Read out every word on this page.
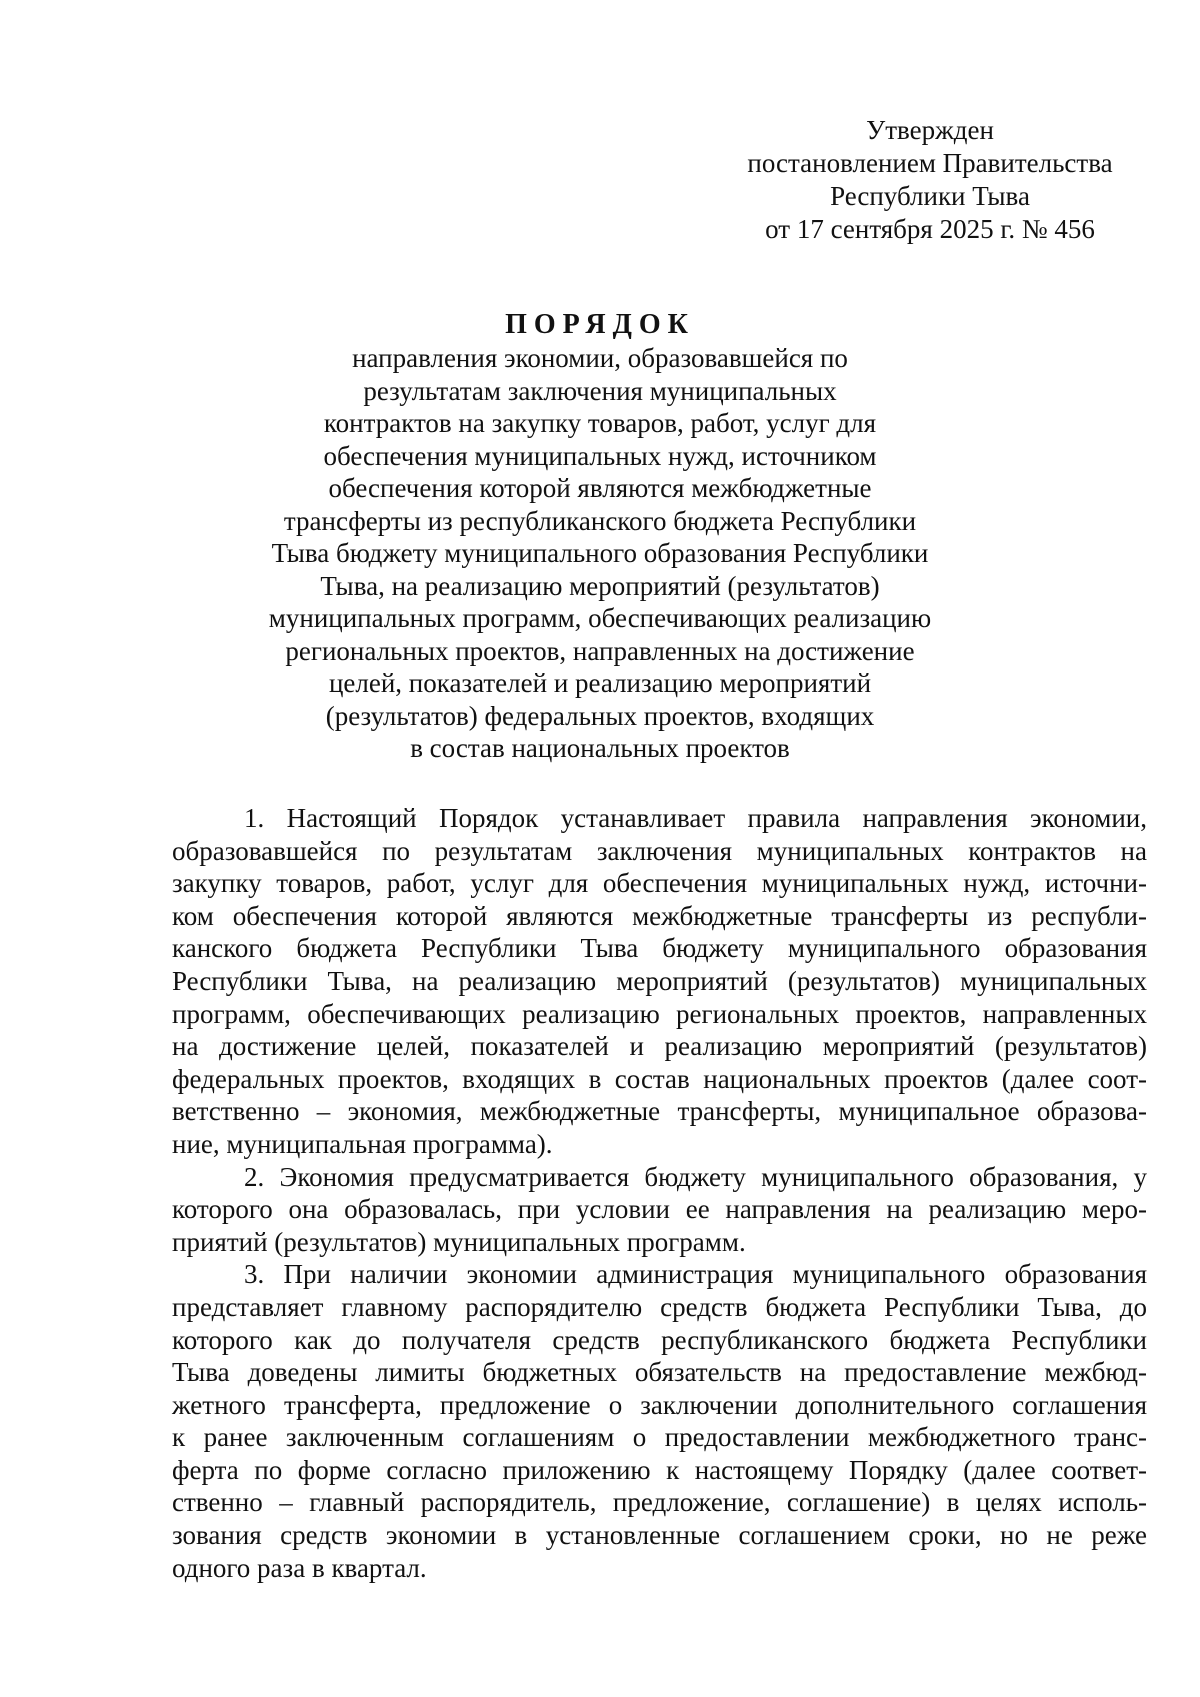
Утвержден
постановлением Правительства
Республики Тыва
от 17 сентября 2025 г. № 456
ПОРЯДОК
направления экономии, образовавшейся по
результатам заключения муниципальных
контрактов на закупку товаров, работ, услуг для
обеспечения муниципальных нужд, источником
обеспечения которой являются межбюджетные
трансферты из республиканского бюджета Республики
Тыва бюджету муниципального образования Республики
Тыва, на реализацию мероприятий (результатов)
муниципальных программ, обеспечивающих реализацию
региональных проектов, направленных на достижение
целей, показателей и реализацию мероприятий
(результатов) федеральных проектов, входящих
в состав национальных проектов
1. Настоящий Порядок устанавливает правила направления экономии,
образовавшейся по результатам заключения муниципальных контрактов на
закупку товаров, работ, услуг для обеспечения муниципальных нужд, источни-
ком обеспечения которой являются межбюджетные трансферты из республи-
канского бюджета Республики Тыва бюджету муниципального образования
Республики Тыва, на реализацию мероприятий (результатов) муниципальных
программ, обеспечивающих реализацию региональных проектов, направленных
на достижение целей, показателей и реализацию мероприятий (результатов)
федеральных проектов, входящих в состав национальных проектов (далее соот-
ветственно – экономия, межбюджетные трансферты, муниципальное образова-
ние, муниципальная программа).
2. Экономия предусматривается бюджету муниципального образования, у
которого она образовалась, при условии ее направления на реализацию меро-
приятий (результатов) муниципальных программ.
3. При наличии экономии администрация муниципального образования
представляет главному распорядителю средств бюджета Республики Тыва, до
которого как до получателя средств республиканского бюджета Республики
Тыва доведены лимиты бюджетных обязательств на предоставление межбюд-
жетного трансферта, предложение о заключении дополнительного соглашения
к ранее заключенным соглашениям о предоставлении межбюджетного транс-
ферта по форме согласно приложению к настоящему Порядку (далее соответ-
ственно – главный распорядитель, предложение, соглашение) в целях исполь-
зования средств экономии в установленные соглашением сроки, но не реже
одного раза в квартал.
